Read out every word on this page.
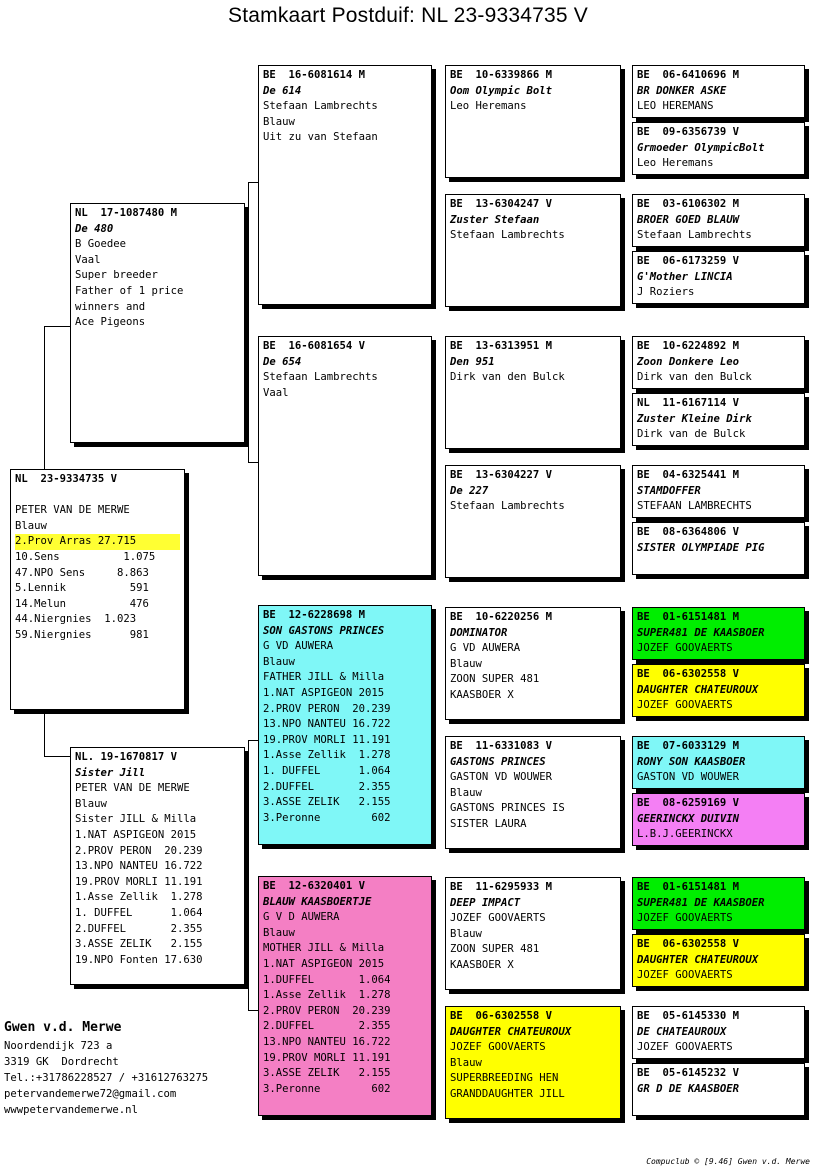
Stamkaart Postduif: NL 23-9334735 V
NL  23-9334735 V
PETER VAN DE MERWE
Blauw
2.Prov Arras 27.715
10.Sens          1.075
47.NPO Sens     8.863
5.Lennik          591
14.Melun          476
44.Niergnies  1.023
59.Niergnies      981
NL  17-1087480 M
De 480
B Goedee
Vaal
Super breeder
Father of 1 price
winners and
Ace Pigeons
NL. 19-1670817 V
Sister Jill
PETER VAN DE MERWE
Blauw
Sister JILL & Milla
1.NAT ASPIGEON 2015
2.PROV PERON  20.239
13.NPO NANTEU 16.722
19.PROV MORLI 11.191
1.Asse Zellik  1.278
1. DUFFEL      1.064
2.DUFFEL       2.355
3.ASSE ZELIK   2.155
19.NPO Fonten 17.630
BE  16-6081614 M
De 614
Stefaan Lambrechts
Blauw
Uit zu van Stefaan
BE  16-6081654 V
De 654
Stefaan Lambrechts
Vaal
BE  12-6228698 M
SON GASTONS PRINCES
G VD AUWERA
Blauw
FATHER JILL & Milla
1.NAT ASPIGEON 2015
2.PROV PERON  20.239
13.NPO NANTEU 16.722
19.PROV MORLI 11.191
1.Asse Zellik  1.278
1. DUFFEL      1.064
2.DUFFEL       2.355
3.ASSE ZELIK   2.155
3.Peronne        602
BE  12-6320401 V
BLAUW KAASBOERTJE
G V D AUWERA
Blauw
MOTHER JILL & Milla
1.NAT ASPIGEON 2015
1.DUFFEL       1.064
1.Asse Zellik  1.278
2.PROV PERON  20.239
2.DUFFEL       2.355
13.NPO NANTEU 16.722
19.PROV MORLI 11.191
3.ASSE ZELIK   2.155
3.Peronne        602
BE  10-6339866 M
Oom Olympic Bolt
Leo Heremans
BE  13-6304247 V
Zuster Stefaan
Stefaan Lambrechts
BE  13-6313951 M
Den 951
Dirk van den Bulck
BE  13-6304227 V
De 227
Stefaan Lambrechts
BE  10-6220256 M
DOMINATOR
G VD AUWERA
Blauw
ZOON SUPER 481
KAASBOER X
BE  11-6331083 V
GASTONS PRINCES
GASTON VD WOUWER
Blauw
GASTONS PRINCES IS
SISTER LAURA
BE  11-6295933 M
DEEP IMPACT
JOZEF GOOVAERTS
Blauw
ZOON SUPER 481
KAASBOER X
BE  06-6302558 V
DAUGHTER CHATEUROUX
JOZEF GOOVAERTS
Blauw
SUPERBREEDING HEN
GRANDDAUGHTER JILL
BE  06-6410696 M
BR DONKER ASKE
LEO HEREMANS
BE  09-6356739 V
Grmoeder OlympicBolt
Leo Heremans
BE  03-6106302 M
BROER GOED BLAUW
Stefaan Lambrechts
BE  06-6173259 V
G'Mother LINCIA
J Roziers
BE  10-6224892 M
Zoon Donkere Leo
Dirk van den Bulck
NL  11-6167114 V
Zuster Kleine Dirk
Dirk van de Bulck
BE  04-6325441 M
STAMDOFFER
STEFAAN LAMBRECHTS
BE  08-6364806 V
SISTER OLYMPIADE PIG
BE  01-6151481 M
SUPER481 DE KAASBOER
JOZEF GOOVAERTS
BE  06-6302558 V
DAUGHTER CHATEUROUX
JOZEF GOOVAERTS
BE  07-6033129 M
RONY SON KAASBOER
GASTON VD WOUWER
BE  08-6259169 V
GEERINCKX DUIVIN
L.B.J.GEERINCKX
BE  01-6151481 M
SUPER481 DE KAASBOER
JOZEF GOOVAERTS
BE  06-6302558 V
DAUGHTER CHATEUROUX
JOZEF GOOVAERTS
BE  05-6145330 M
DE CHATEAUROUX
JOZEF GOOVAERTS
BE  05-6145232 V
GR D DE KAASBOER
Gwen v.d. Merwe
Noordendijk 723 a
3319 GK  Dordrecht
Tel.:+31786228527 / +31612763275
petervandemerwe72@gmail.com
wwwpetervandemerwe.nl
Compuclub © [9.46] Gwen v.d. Merwe
